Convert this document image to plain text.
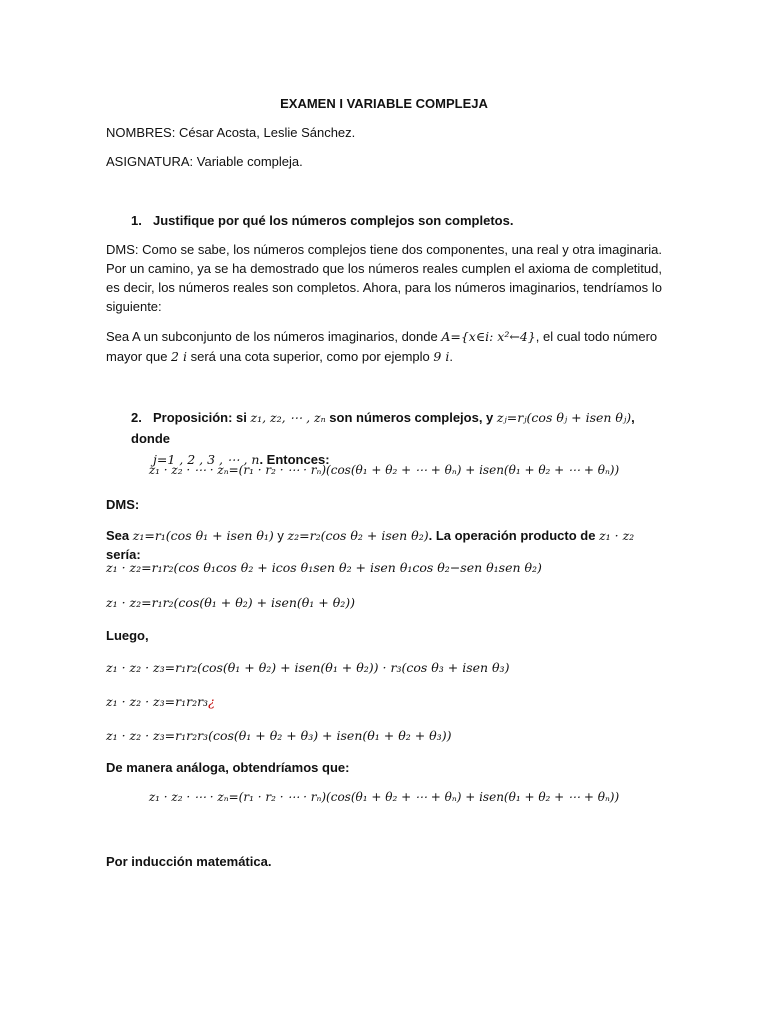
EXAMEN I VARIABLE COMPLEJA
NOMBRES: César Acosta, Leslie Sánchez.
ASIGNATURA: Variable compleja.
1. Justifique por qué los números complejos son completos.
DMS: Como se sabe, los números complejos tiene dos componentes, una real y otra imaginaria. Por un camino, ya se ha demostrado que los números reales cumplen el axioma de completitud, es decir, los números reales son completos. Ahora, para los números imaginarios, tendríamos lo siguiente:
Sea A un subconjunto de los números imaginarios, donde A={x∈i: x²←4}, el cual todo número
mayor que 2 i será una cota superior, como por ejemplo 9 i.
2. Proposición: si z₁, z₂, ⋯ , zₙ son números complejos, y zⱼ=rⱼ(cos θⱼ + isen θⱼ), donde
j=1 , 2 , 3 , ⋯ , n. Entonces:
z₁ · z₂ · ⋯ · zₙ=(r₁ · r₂ · ⋯ · rₙ)(cos(θ₁ + θ₂ + ⋯ + θₙ) + isen(θ₁ + θ₂ + ⋯ + θₙ))
DMS:
Sea z₁=r₁(cos θ₁ + isen θ₁) y z₂=r₂(cos θ₂ + isen θ₂). La operación producto de z₁ · z₂ sería:
z₁ · z₂=r₁r₂(cos θ₁cos θ₂ + icos θ₁sen θ₂ + isen θ₁cos θ₂−sen θ₁sen θ₂)
z₁ · z₂=r₁r₂(cos(θ₁ + θ₂) + isen(θ₁ + θ₂))
Luego,
z₁ · z₂ · z₃=r₁r₂(cos(θ₁ + θ₂) + isen(θ₁ + θ₂)) · r₃(cos θ₃ + isen θ₃)
z₁ · z₂ · z₃=r₁r₂r₃¿
z₁ · z₂ · z₃=r₁r₂r₃(cos(θ₁ + θ₂ + θ₃) + isen(θ₁ + θ₂ + θ₃))
De manera análoga, obtendríamos que:
z₁ · z₂ · ⋯ · zₙ=(r₁ · r₂ · ⋯ · rₙ)(cos(θ₁ + θ₂ + ⋯ + θₙ) + isen(θ₁ + θ₂ + ⋯ + θₙ))
Por inducción matemática.
